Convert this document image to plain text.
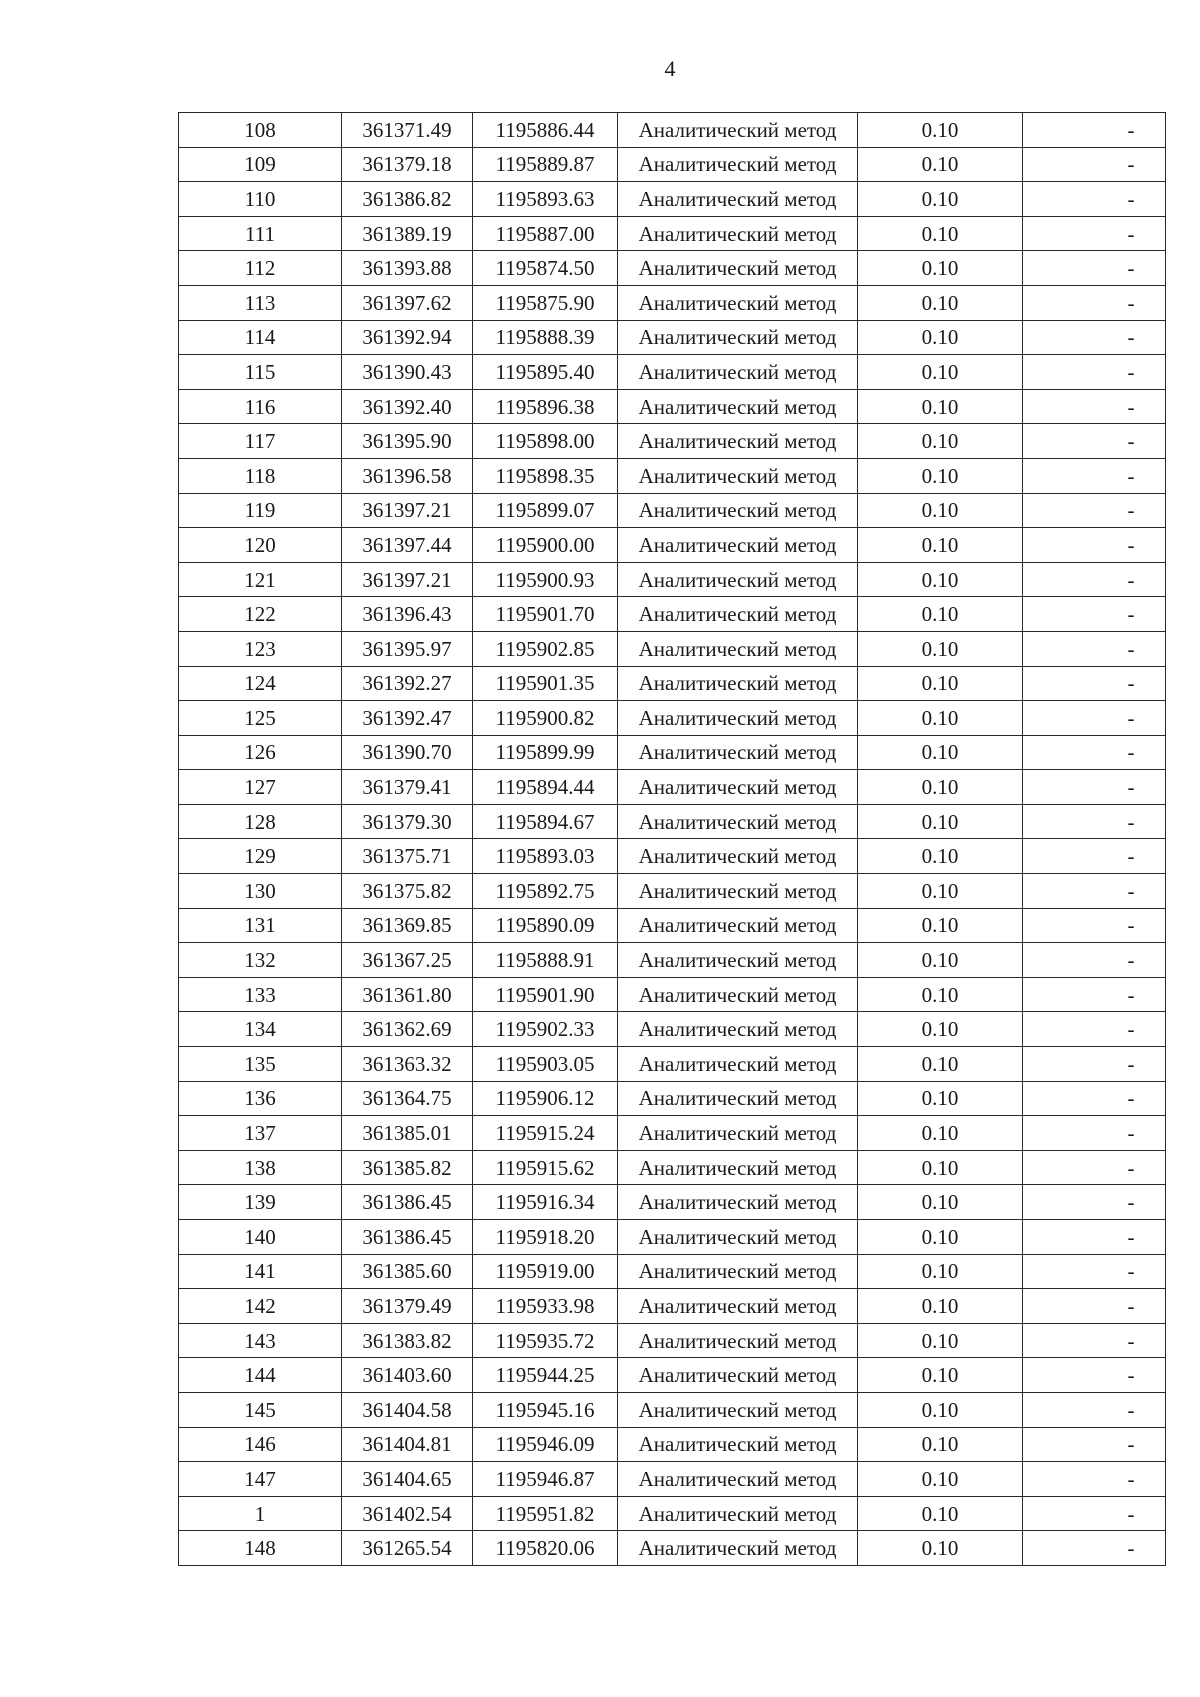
4
108	361371.49	1195886.44	Аналитический метод	0.10	-
109	361379.18	1195889.87	Аналитический метод	0.10	-
110	361386.82	1195893.63	Аналитический метод	0.10	-
111	361389.19	1195887.00	Аналитический метод	0.10	-
112	361393.88	1195874.50	Аналитический метод	0.10	-
113	361397.62	1195875.90	Аналитический метод	0.10	-
114	361392.94	1195888.39	Аналитический метод	0.10	-
115	361390.43	1195895.40	Аналитический метод	0.10	-
116	361392.40	1195896.38	Аналитический метод	0.10	-
117	361395.90	1195898.00	Аналитический метод	0.10	-
118	361396.58	1195898.35	Аналитический метод	0.10	-
119	361397.21	1195899.07	Аналитический метод	0.10	-
120	361397.44	1195900.00	Аналитический метод	0.10	-
121	361397.21	1195900.93	Аналитический метод	0.10	-
122	361396.43	1195901.70	Аналитический метод	0.10	-
123	361395.97	1195902.85	Аналитический метод	0.10	-
124	361392.27	1195901.35	Аналитический метод	0.10	-
125	361392.47	1195900.82	Аналитический метод	0.10	-
126	361390.70	1195899.99	Аналитический метод	0.10	-
127	361379.41	1195894.44	Аналитический метод	0.10	-
128	361379.30	1195894.67	Аналитический метод	0.10	-
129	361375.71	1195893.03	Аналитический метод	0.10	-
130	361375.82	1195892.75	Аналитический метод	0.10	-
131	361369.85	1195890.09	Аналитический метод	0.10	-
132	361367.25	1195888.91	Аналитический метод	0.10	-
133	361361.80	1195901.90	Аналитический метод	0.10	-
134	361362.69	1195902.33	Аналитический метод	0.10	-
135	361363.32	1195903.05	Аналитический метод	0.10	-
136	361364.75	1195906.12	Аналитический метод	0.10	-
137	361385.01	1195915.24	Аналитический метод	0.10	-
138	361385.82	1195915.62	Аналитический метод	0.10	-
139	361386.45	1195916.34	Аналитический метод	0.10	-
140	361386.45	1195918.20	Аналитический метод	0.10	-
141	361385.60	1195919.00	Аналитический метод	0.10	-
142	361379.49	1195933.98	Аналитический метод	0.10	-
143	361383.82	1195935.72	Аналитический метод	0.10	-
144	361403.60	1195944.25	Аналитический метод	0.10	-
145	361404.58	1195945.16	Аналитический метод	0.10	-
146	361404.81	1195946.09	Аналитический метод	0.10	-
147	361404.65	1195946.87	Аналитический метод	0.10	-
1	361402.54	1195951.82	Аналитический метод	0.10	-
148	361265.54	1195820.06	Аналитический метод	0.10	-
